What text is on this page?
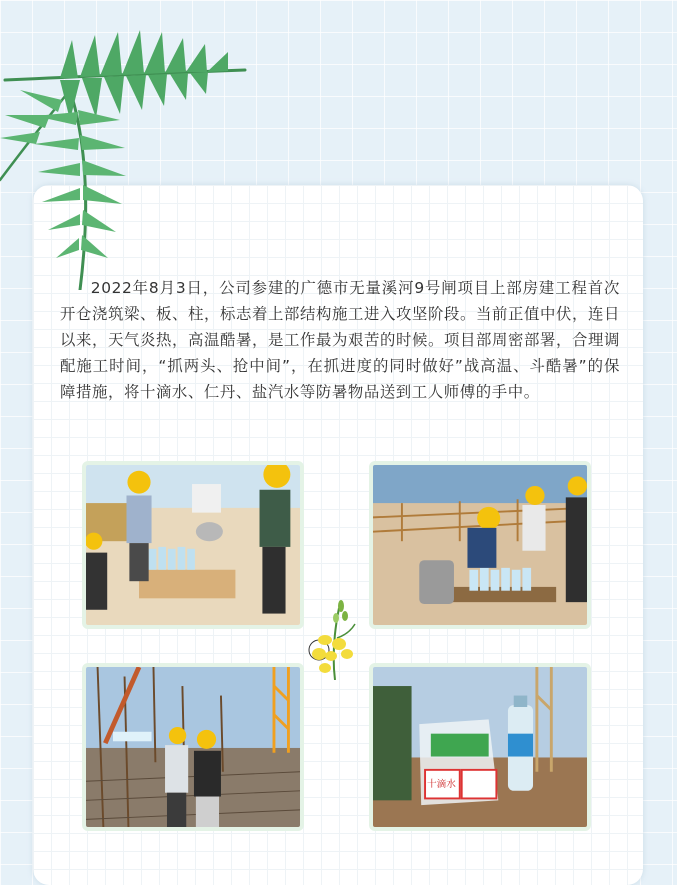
2022年8月3日，公司参建的广德市无量溪河9号闸项目上部房建工程首次开仓浇筑梁、板、柱，标志着上部结构施工进入攻坚阶段。当前正值中伏，连日以来，天气炎热，高温酷暑，是工作最为艰苦的时候。项目部周密部署，合理调配施工时间，“抓两头、抢中间”，在抓进度的同时做好”战高温、斗酷暑”的保障措施，将十滴水、仁丹、盐汽水等防暑物品送到工人师傅的手中。

十滴水
